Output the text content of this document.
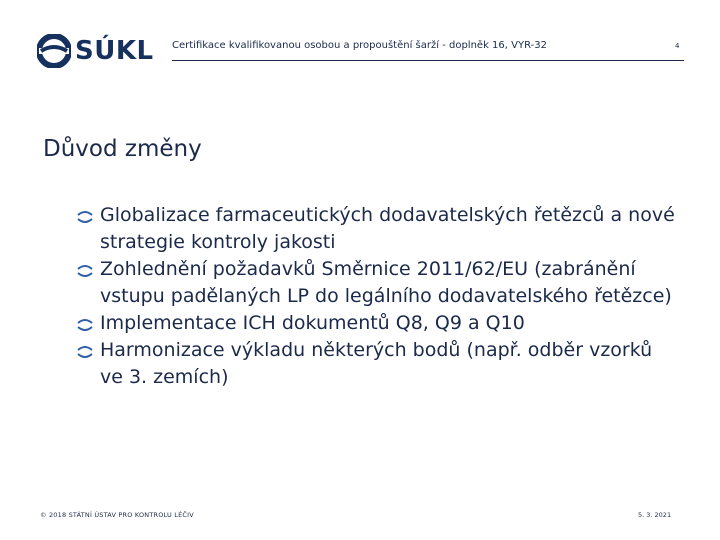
SÚKL Certifikace kvalifikovanou osobou a propouštění šarží - doplněk 16, VYR-32	4
Důvod změny
Globalizace farmaceutických dodavatelských řetězců a nové strategie kontroly jakosti
Zohlednění požadavků Směrnice 2011/62/EU (zabránění vstupu padělaných LP do legálního dodavatelského řetězce)
Implementace ICH dokumentů Q8, Q9 a Q10
Harmonizace výkladu některých bodů (např. odběr vzorků ve 3. zemích)
© 2018 STÁTNÍ ÚSTAV PRO KONTROLU LÉČIV	5. 3. 2021
